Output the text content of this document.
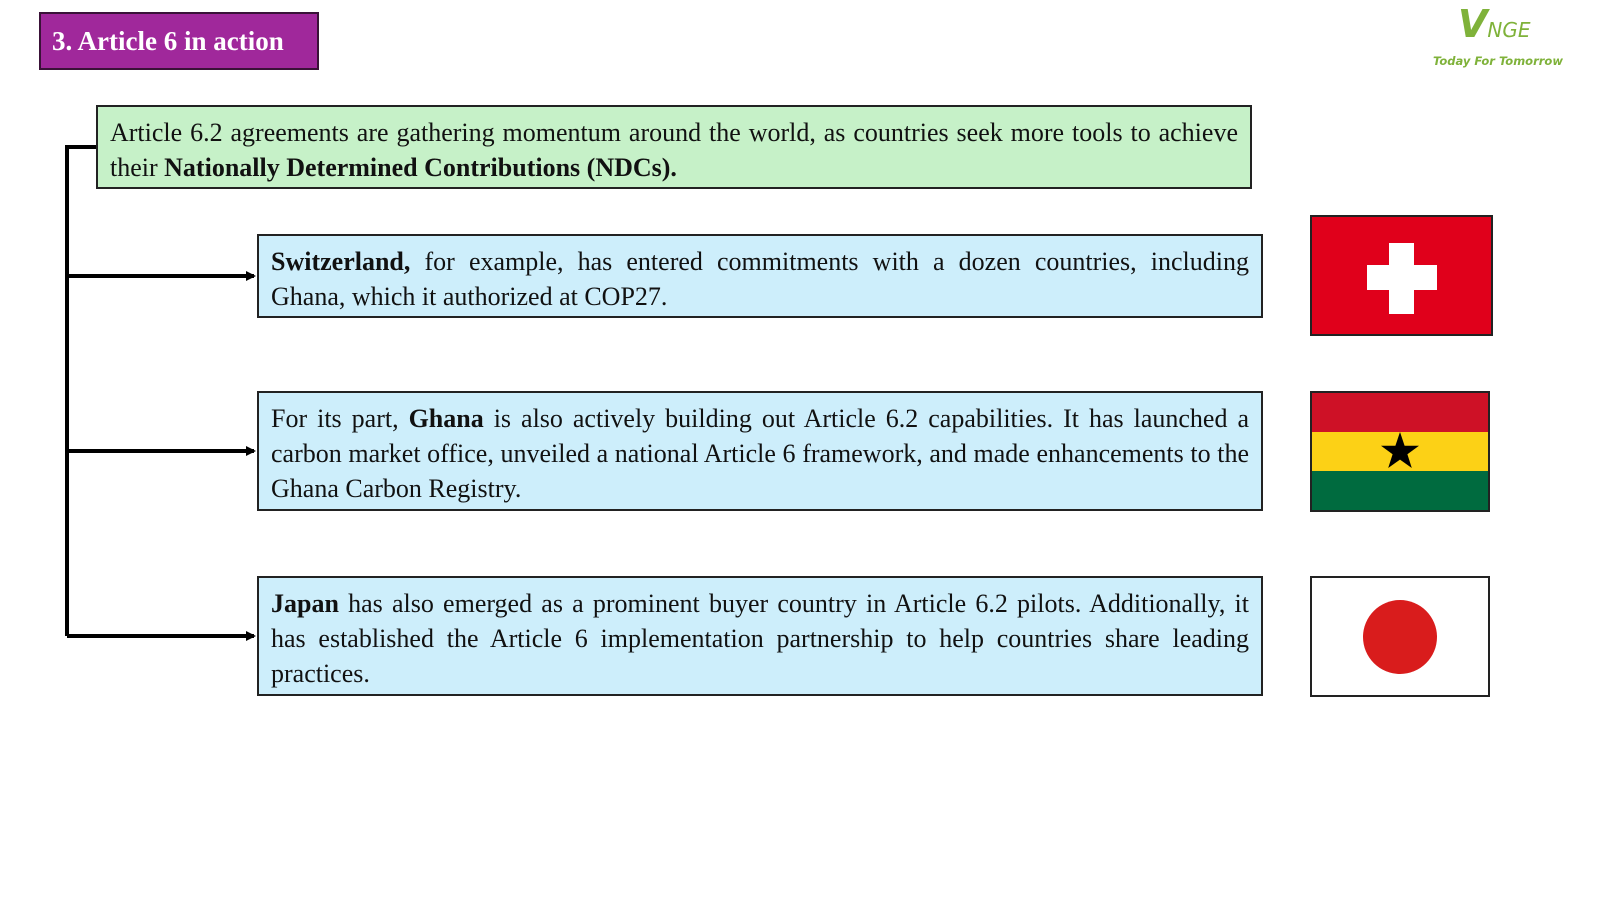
3. Article 6 in action	VNGE
Today For Tomorrow
Article 6.2 agreements are gathering momentum around the world, as countries seek more tools to achieve their Nationally Determined Contributions (NDCs).
Switzerland, for example, has entered commitments with a dozen countries, including Ghana, which it authorized at COP27.
For its part, Ghana is also actively building out Article 6.2 capabilities. It has launched a carbon market office, unveiled a national Article 6 framework, and made enhancements to the Ghana Carbon Registry.
Japan has also emerged as a prominent buyer country in Article 6.2 pilots. Additionally, it has established the Article 6 implementation partnership to help countries share leading practices.
